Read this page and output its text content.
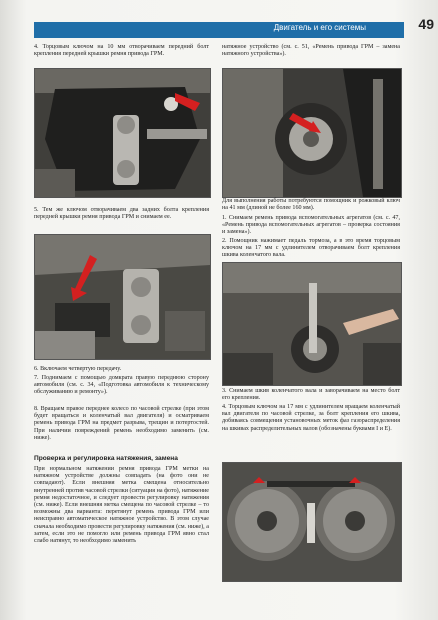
Двигатель и его системы	49
4. Торцовым ключом на 10 мм отворачиваем передний болт крепления передней крышки ремня привода ГРМ.
5. Тем же ключом отворачиваем два задних болта крепления передней крышки ремня привода ГРМ и снимаем ее.
6. Включаем четвертую передачу.
7. Поднимаем с помощью домкрата правую переднюю сторону автомобиля (см. с. 34, «Подготовка автомобиля к техническому обслуживанию и ремонту»).
8. Вращаем правое переднее колесо по часовой стрелке (при этом будет вращаться и коленчатый вал двигателя) и осматриваем ремень привода ГРМ на предмет разрыва, трещин и потертостей. При наличии повреждений ремень необходимо заменить (см. ниже).
Проверка и регулировка натяжения, замена
При нормальном натяжении ремня привода ГРМ метки на натяжном устройстве должны совпадать (на фото они не совпадают). Если внешняя метка смещена относительно внутренней против часовой стрелки (ситуация на фото), натяжение ремня недостаточное, и следует провести регулировку натяжения (см. ниже). Если внешняя метка смещена по часовой стрелке – то возможны два варианта: перетянут ремень привода ГРМ или неисправно автоматическое натяжное устройство. В этом случае сначала необходимо провести регулировку натяжения (см. ниже), а затем, если это не помогло или ремень привода ГРМ явно стал слабо натянут, то необходимо заменить
натяжное устройство (см. с. 51, «Ремень привода ГРМ – замена натяжного устройства»).
Для выполнения работы потребуются помощник и рожковый ключ на 41 мм (длиной не более 160 мм).
1. Снимаем ремень привода вспомогательных агрегатов (см. с. 47, «Ремень привода вспомогательных агрегатов – проверка состояния и замена»).
2. Помощник нажимает педаль тормоза, а в это время торцовым ключом на 17 мм с удлинителем отворачиваем болт крепления шкива коленчатого вала.
3. Снимаем шкив коленчатого вала и заворачиваем на место болт его крепления.
4. Торцовым ключом на 17 мм с удлинителем вращаем коленчатый вал двигателя по часовой стрелке, за болт крепления его шкива, добиваясь совмещения установочных меток фаз газораспределения на шкивах распределительных валов (обозначены буквами I и E).
